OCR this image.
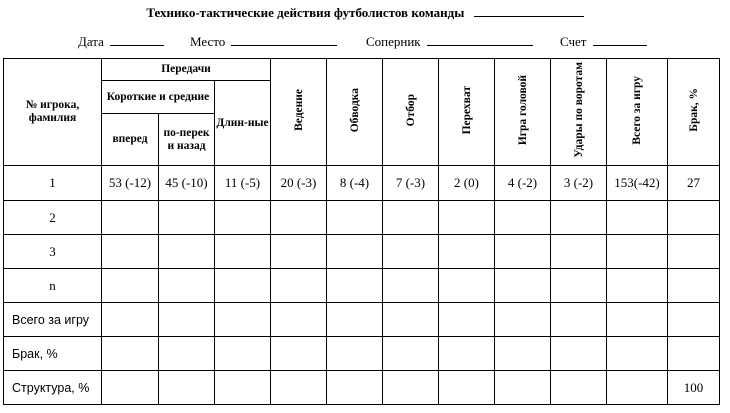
Технико-тактические действия футболистов команды
Дата	Место	Соперник	Счет
№ игрока, фамилия	Передачи			Ведение	Обводка	Отбор	Перехват	Игра головой	Удары по воротам	Всего за игру	Брак, %
	Короткие и средние		Длин-ные								
	вперед	по-перек и назад									
1	53 (-12)	45 (-10)	11 (-5)	20 (-3)	8 (-4)	7 (-3)	2 (0)	4 (-2)	3 (-2)	153(-42)	27
2											
3											
n											
Всего за игру											
Брак, %											
Структура, %											100
